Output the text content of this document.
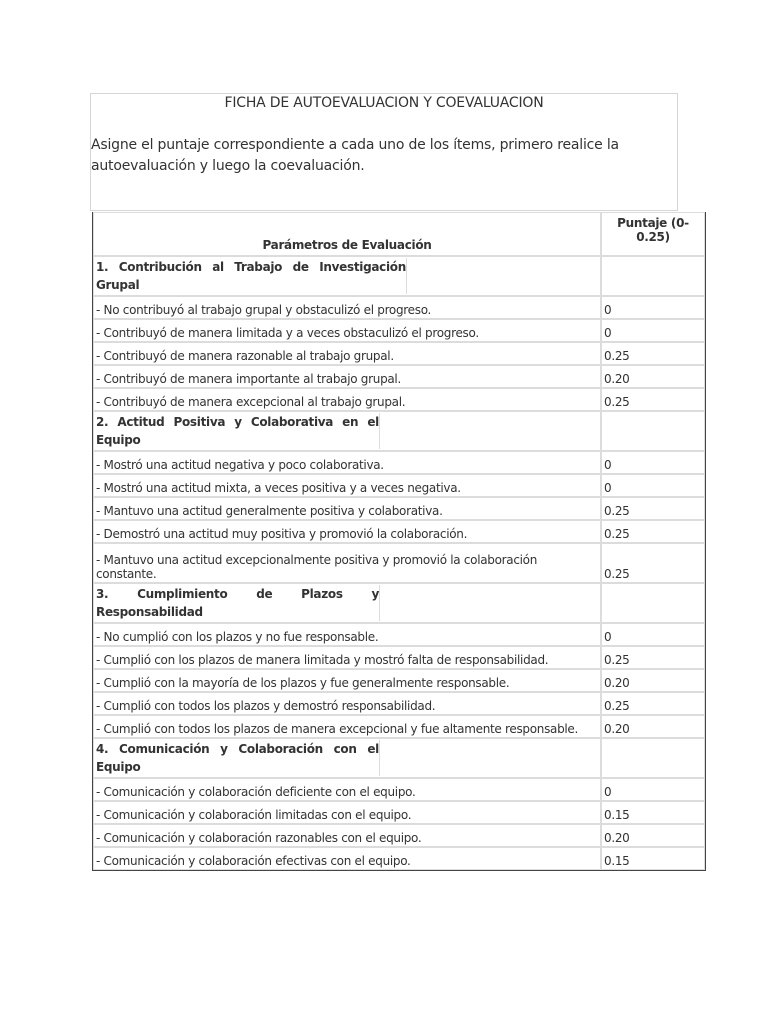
FICHA DE AUTOEVALUACION Y COEVALUACION
Asigne el puntaje correspondiente a cada uno de los ítems, primero realice la autoevaluación y luego la coevaluación.
Parámetros de Evaluación	Puntaje (0-0.25)
1. Contribución al Trabajo de Investigación Grupal	
- No contribuyó al trabajo grupal y obstaculizó el progreso.	0
- Contribuyó de manera limitada y a veces obstaculizó el progreso.	0
- Contribuyó de manera razonable al trabajo grupal.	0.25
- Contribuyó de manera importante al trabajo grupal.	0.20
- Contribuyó de manera excepcional al trabajo grupal.	0.25

2. Actitud Positiva y Colaborativa en el
Equipo	
- Mostró una actitud negativa y poco colaborativa.	0
- Mostró una actitud mixta, a veces positiva y a veces negativa.	0
- Mantuvo una actitud generalmente positiva y colaborativa.	0.25
- Demostró una actitud muy positiva y promovió la colaboración.	0.25
- Mantuvo una actitud excepcionalmente positiva y promovió la colaboración constante.	0.25

3. Cumplimiento de Plazos y
Responsabilidad	
- No cumplió con los plazos y no fue responsable.	0
- Cumplió con los plazos de manera limitada y mostró falta de responsabilidad.	0.25
- Cumplió con la mayoría de los plazos y fue generalmente responsable.	0.20
- Cumplió con todos los plazos y demostró responsabilidad.	0.25
- Cumplió con todos los plazos de manera excepcional y fue altamente responsable.	0.20

4. Comunicación y Colaboración con el
Equipo	
- Comunicación y colaboración deficiente con el equipo.	0
- Comunicación y colaboración limitadas con el equipo.	0.15
- Comunicación y colaboración razonables con el equipo.	0.20
- Comunicación y colaboración efectivas con el equipo.	0.15
